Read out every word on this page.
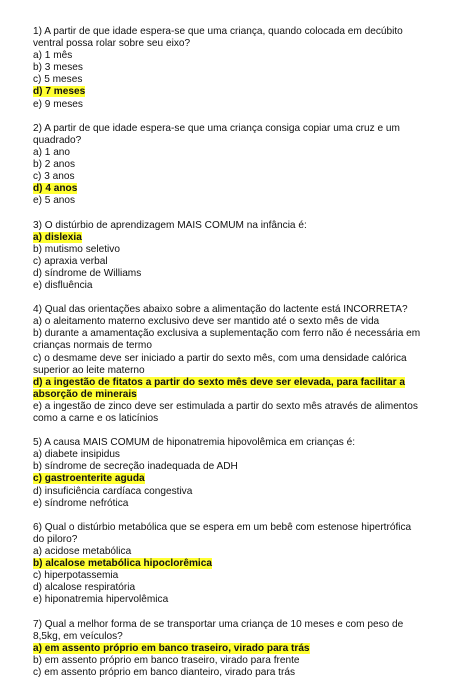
1) A partir de que idade espera-se que uma criança, quando colocada em decúbito ventral possa rolar sobre seu eixo?

a) 1 mês

b) 3 meses

c) 5 meses

d) 7 meses

e) 9 meses

2) A partir de que idade espera-se que uma criança consiga copiar uma cruz e um quadrado?

a) 1 ano

b) 2 anos

c) 3 anos

d) 4 anos

e) 5 anos

3) O distúrbio de aprendizagem MAIS COMUM na infância é:

a) dislexia

b) mutismo seletivo

c) apraxia verbal

d) síndrome de Williams

e) disfluência

4) Qual das orientações abaixo sobre a alimentação do lactente está INCORRETA?

a) o aleitamento materno exclusivo deve ser mantido até o sexto mês de vida

b) durante a amamentação exclusiva a suplementação com ferro não é necessária em crianças normais de termo

c) o desmame deve ser iniciado a partir do sexto mês, com uma densidade calórica superior ao leite materno

d) a ingestão de fitatos a partir do sexto mês deve ser elevada, para facilitar a absorção de minerais

e) a ingestão de zinco deve ser estimulada a partir do sexto mês através de alimentos como a carne e os laticínios

5) A causa MAIS COMUM de hiponatremia hipovolêmica em crianças é:

a) diabete insipidus

b) síndrome de secreção inadequada de ADH

c) gastroenterite aguda

d) insuficiência cardíaca congestiva

e) síndrome nefrótica

6) Qual o distúrbio metabólica que se espera em um bebê com estenose hipertrófica do piloro?

a) acidose metabólica

b) alcalose metabólica hipoclorêmica

c) hiperpotassemia

d) alcalose respiratória

e) hiponatremia hipervolêmica

7) Qual a melhor forma de se transportar uma criança de 10 meses e com peso de 8,5kg, em veículos?

a) em assento próprio em banco traseiro, virado para trás

b) em assento próprio em banco traseiro, virado para frente

c) em assento próprio em banco dianteiro, virado para trás
